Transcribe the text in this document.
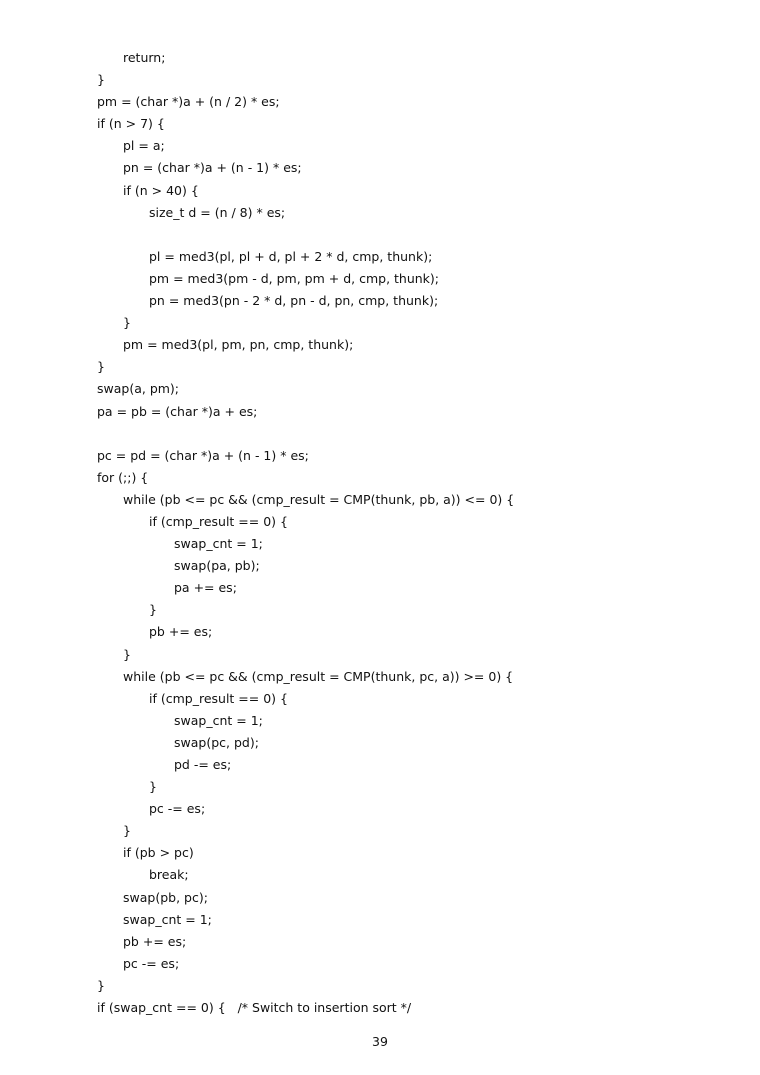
return;
}
pm = (char *)a + (n / 2) * es;
if (n > 7) {
pl = a;
pn = (char *)a + (n - 1) * es;
if (n > 40) {
size_t d = (n / 8) * es;
pl = med3(pl, pl + d, pl + 2 * d, cmp, thunk);
pm = med3(pm - d, pm, pm + d, cmp, thunk);
pn = med3(pn - 2 * d, pn - d, pn, cmp, thunk);
}
pm = med3(pl, pm, pn, cmp, thunk);
}
swap(a, pm);
pa = pb = (char *)a + es;
pc = pd = (char *)a + (n - 1) * es;
for (;;) {
while (pb <= pc && (cmp_result = CMP(thunk, pb, a)) <= 0) {
if (cmp_result == 0) {
swap_cnt = 1;
swap(pa, pb);
pa += es;
}
pb += es;
}
while (pb <= pc && (cmp_result = CMP(thunk, pc, a)) >= 0) {
if (cmp_result == 0) {
swap_cnt = 1;
swap(pc, pd);
pd -= es;
}
pc -= es;
}
if (pb > pc)
break;
swap(pb, pc);
swap_cnt = 1;
pb += es;
pc -= es;
}
if (swap_cnt == 0) {   /* Switch to insertion sort */
39
